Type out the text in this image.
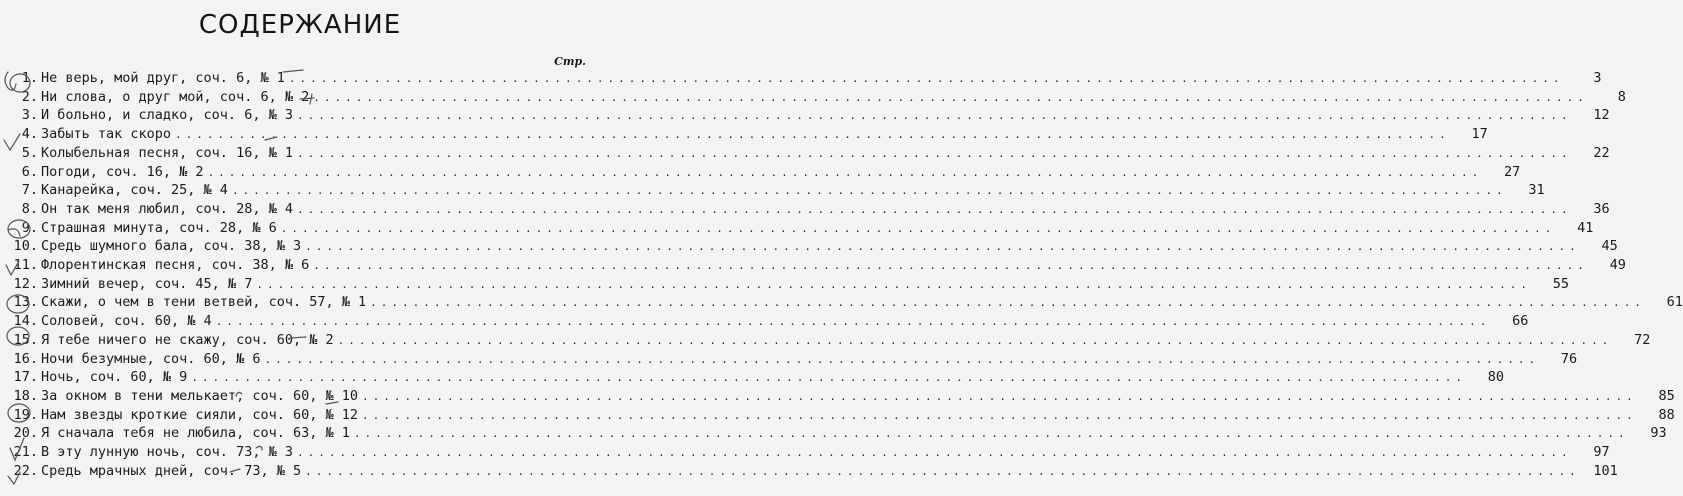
СОДЕРЖАНИЕ
Стр.
1. Не верь, мой друг, соч. 6, № 1 ........................................................................................................................	3
2. Ни слова, о друг мой, соч. 6, № 2 ........................................................................................................................	8
3. И больно, и сладко, соч. 6, № 3 ........................................................................................................................	12
4. Забыть так скоро ........................................................................................................................	17
5. Колыбельная песня, соч. 16, № 1 ........................................................................................................................	22
6. Погоди, соч. 16, № 2 ........................................................................................................................	27
7. Канарейка, соч. 25, № 4 ........................................................................................................................	31
8. Он так меня любил, соч. 28, № 4 ........................................................................................................................	36
9. Страшная минута, соч. 28, № 6 ........................................................................................................................	41
10. Средь шумного бала, соч. 38, № 3 ........................................................................................................................	45
11. Флорентинская песня, соч. 38, № 6 ........................................................................................................................	49
12. Зимний вечер, соч. 45, № 7 ........................................................................................................................	55
13. Скажи, о чем в тени ветвей, соч. 57, № 1 ........................................................................................................................	61
14. Соловей, соч. 60, № 4 ........................................................................................................................	66
15. Я тебе ничего не скажу, соч. 60, № 2 ........................................................................................................................	72
16. Ночи безумные, соч. 60, № 6 ........................................................................................................................	76
17. Ночь, соч. 60, № 9 ........................................................................................................................	80
18. За окном в тени мелькает, соч. 60, № 10 ........................................................................................................................	85
19. Нам звезды кроткие сияли, соч. 60, № 12 ........................................................................................................................	88
20. Я сначала тебя не любила, соч. 63, № 1 ........................................................................................................................	93
21. В эту лунную ночь, соч. 73, № 3 ........................................................................................................................	97
22. Средь мрачных дней, соч. 73, № 5 ........................................................................................................................	101
